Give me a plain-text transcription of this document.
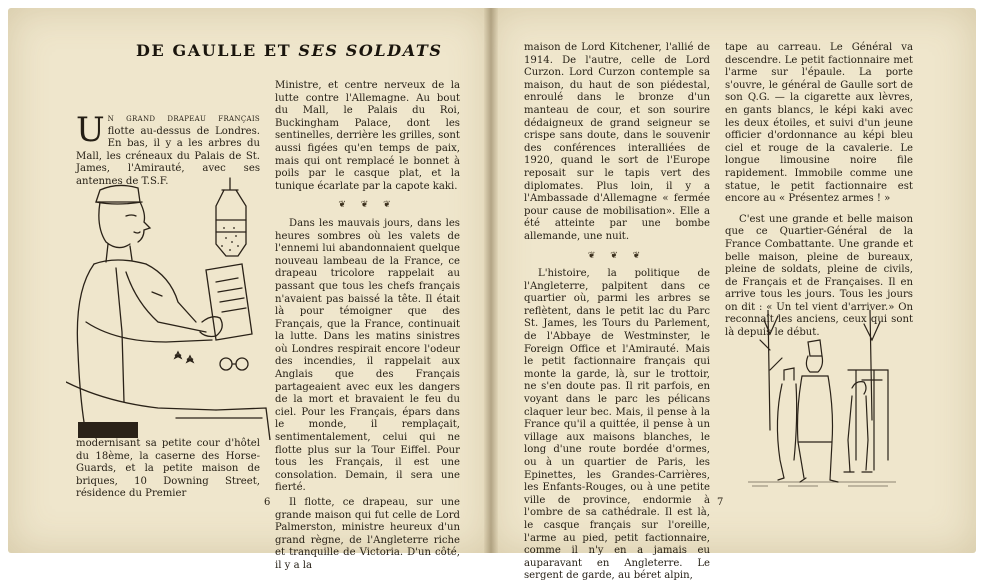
DE GAULLE ET SES SOLDATS

Un grand drapeau français flotte au-dessus de Londres. En bas, il y a les arbres du Mall, les créneaux du Palais de St. James, l'Amirauté, avec ses antennes de T.S.F.

modernisant sa petite cour d'hôtel du 18ème, la caserne des Horse-Guards, et la petite maison de briques, 10 Downing Street, résidence du Premier

Ministre, et centre nerveux de la lutte contre l'Allemagne. Au bout du Mall, le Palais du Roi, Buckingham Palace, dont les sentinelles, derrière les grilles, sont aussi figées qu'en temps de paix, mais qui ont remplacé le bonnet à poils par le casque plat, et la tunique écarlate par la capote kaki.

❦ ❦ ❦

Dans les mauvais jours, dans les heures sombres où les valets de l'ennemi lui abandonnaient quelque nouveau lambeau de la France, ce drapeau tricolore rappelait au passant que tous les chefs français n'avaient pas baissé la tête. Il était là pour témoigner que des Français, que la France, continuait la lutte. Dans les matins sinistres où Londres respirait encore l'odeur des incendies, il rappelait aux Anglais que des Français partageaient avec eux les dangers de la mort et bravaient le feu du ciel. Pour les Français, épars dans le monde, il remplaçait, sentimentalement, celui qui ne flotte plus sur la Tour Eiffel. Pour tous les Français, il est une consolation. Demain, il sera une fierté.

Il flotte, ce drapeau, sur une grande maison qui fut celle de Lord Palmerston, ministre heureux d'un grand règne, de l'Angleterre riche et tranquille de Victoria. D'un côté, il y a la

6

maison de Lord Kitchener, l'allié de 1914. De l'autre, celle de Lord Curzon. Lord Curzon contemple sa maison, du haut de son piédestal, enroulé dans le bronze d'un manteau de cour, et son sourire dédaigneux de grand seigneur se crispe sans doute, dans le souvenir des conférences interalliées de 1920, quand le sort de l'Europe reposait sur le tapis vert des diplomates. Plus loin, il y a l'Ambassade d'Allemagne « fermée pour cause de mobilisation». Elle a été atteinte par une bombe allemande, une nuit.

❦ ❦ ❦

L'histoire, la politique de l'Angleterre, palpitent dans ce quartier où, parmi les arbres se reflètent, dans le petit lac du Parc St. James, les Tours du Parlement, de l'Abbaye de Westminster, le Foreign Office et l'Amirauté. Mais le petit factionnaire français qui monte la garde, là, sur le trottoir, ne s'en doute pas. Il rit parfois, en voyant dans le parc les pélicans claquer leur bec. Mais, il pense à la France qu'il a quittée, il pense à un village aux maisons blanches, le long d'une route bordée d'ormes, ou à un quartier de Paris, les Epinettes, les Grandes-Carrières, les Enfants-Rouges, ou à une petite ville de province, endormie à l'ombre de sa cathédrale. Il est là, le casque français sur l'oreille, l'arme au pied, petit factionnaire, comme il n'y en a jamais eu auparavant en Angleterre. Le sergent de garde, au béret alpin,

tape au carreau. Le Général va descendre. Le petit factionnaire met l'arme sur l'épaule. La porte s'ouvre, le général de Gaulle sort de son Q.G. — la cigarette aux lèvres, en gants blancs, le képi kaki avec les deux étoiles, et suivi d'un jeune officier d'ordonnance au képi bleu ciel et rouge de la cavalerie. Le longue limousine noire file rapidement. Immobile comme une statue, le petit factionnaire est encore au « Présentez armes ! »

C'est une grande et belle maison que ce Quartier-Général de la France Combattante. Une grande et belle maison, pleine de bureaux, pleine de soldats, pleine de civils, de Français et de Françaises. Il en arrive tous les jours. Tous les jours on dit : « Un tel vient d'arriver.» On reconnaît les anciens, ceux qui sont là depuis le début.

7
